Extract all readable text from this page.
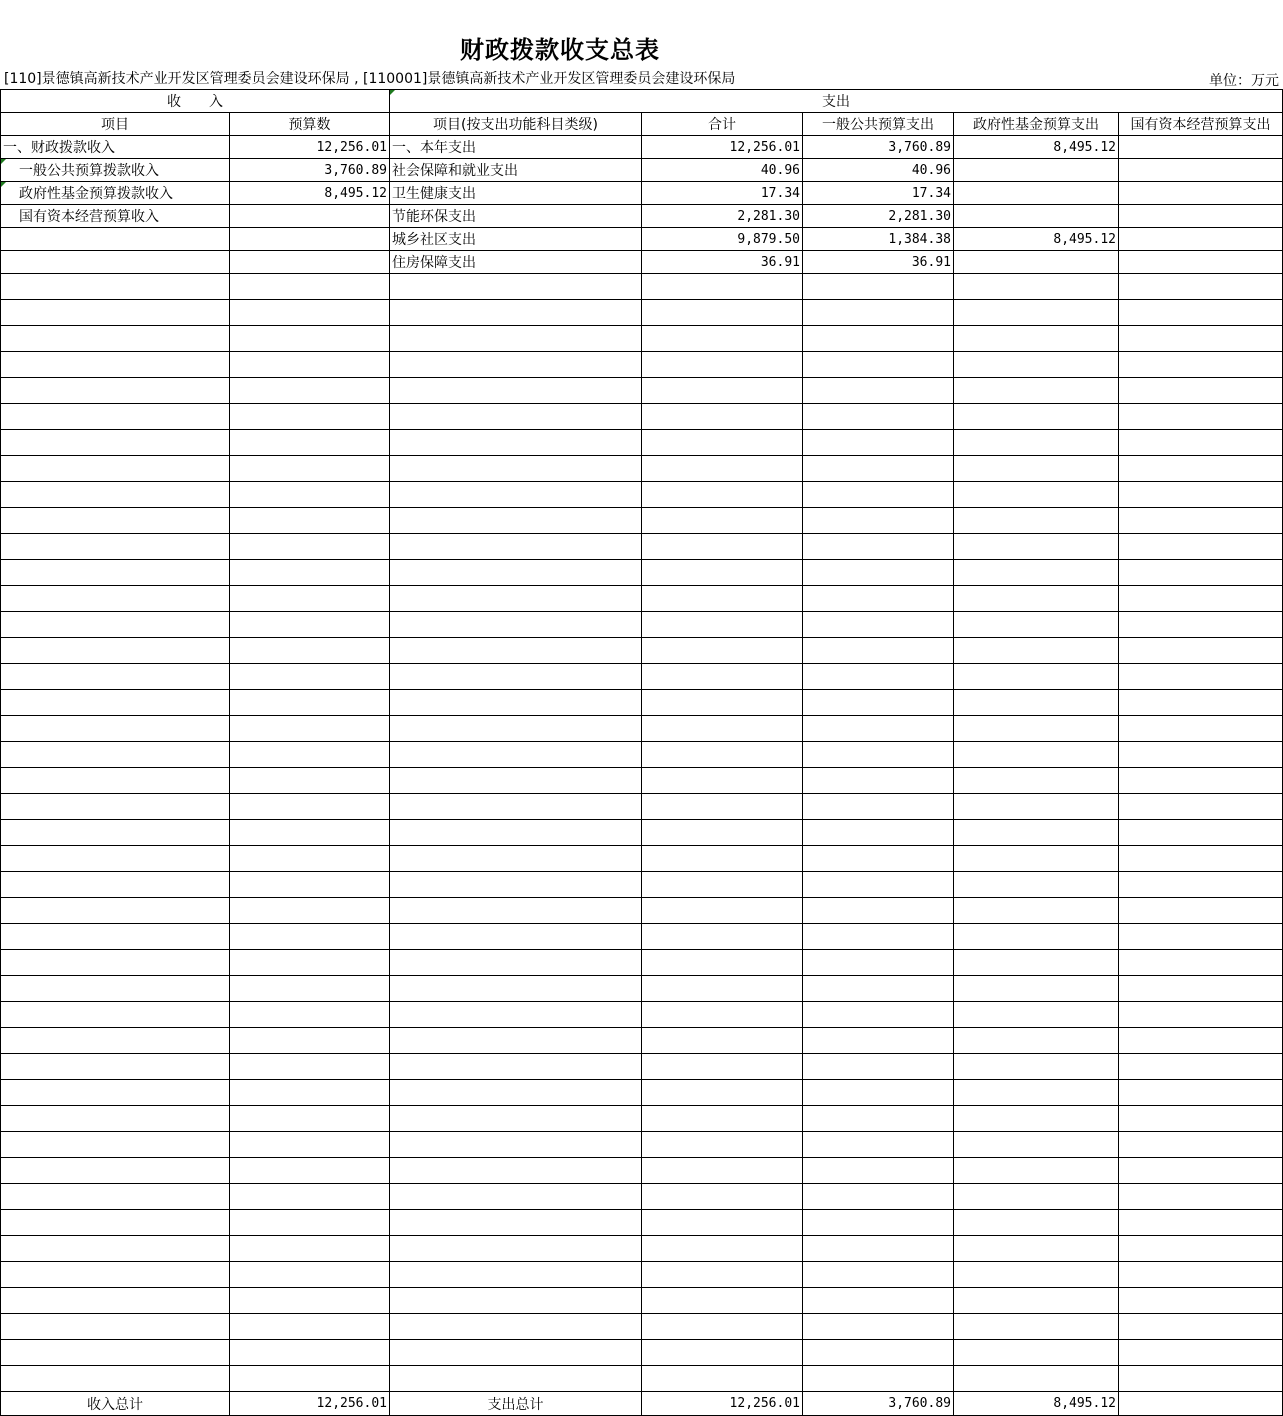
财政拨款收支总表
[110]景德镇高新技术产业开发区管理委员会建设环保局 , [110001]景德镇高新技术产业开发区管理委员会建设环保局	单位：万元
收　　入		支出				
项目	预算数	项目(按支出功能科目类级)	合计	一般公共预算支出	政府性基金预算支出	国有资本经营预算支出
一、财政拨款收入	12,256.01	一、本年支出	12,256.01	3,760.89	8,495.12	
一般公共预算拨款收入	3,760.89	社会保障和就业支出	40.96	40.96		
政府性基金预算拨款收入	8,495.12	卫生健康支出	17.34	17.34		
国有资本经营预算收入		节能环保支出	2,281.30	2,281.30		
		城乡社区支出	9,879.50	1,384.38	8,495.12	
		住房保障支出	36.91	36.91		

收入总计	12,256.01	支出总计	12,256.01	3,760.89	8,495.12	
